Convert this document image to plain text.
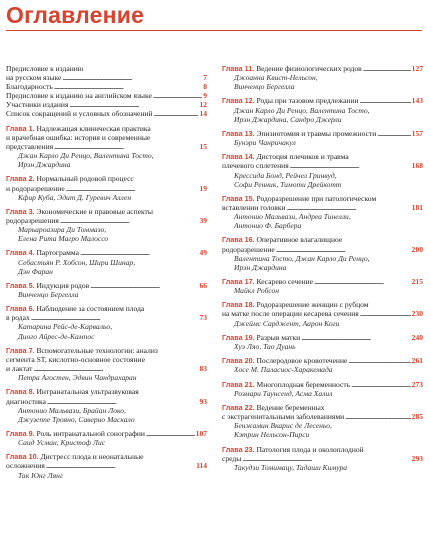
Оглавление
Предисловие к изданию
на русском языке . . .	7
Благодарность . . .	8
Предисловие к изданию на английском языке . . .	9
Участники издания . . .	12
Список сокращений и условных обозначений . . .	14
Глава 1. Надлежащая клиническая практика
и врачебная ошибка: история и современные
представления . . .	15
Джан Карло Ди Ренцо, Валентина Тосто,
Ирэн Джардина
Глава 2. Нормальный родовой процесс
и родоразрешение . . .	19
Кфир Куба, Эдит Д. Гуревич Аллен
Глава 3. Экономические и правовые аспекты
родоразрешения . . .	39
Марьароазира Ди Томмазо,
Елена Рита Магро Малоссо
Глава 4. Партограмма . . .	49
Себастьян Р. Хобсон, Шири Шинар,
Дэн Фаран
Глава 5. Индукция родов . . .	66
Винченцо Бергелла
Глава 6. Наблюдение за состоянием плода
в родах . . .	73
Катарина Рейс-де-Карвальо,
Диого Айрес-де-Кампос
Глава 7. Вспомогательные технологии: анализ
сегмента ST, кислотно-основное состояние
и лактат . . .	83
Петра Агостен, Эдвин Чандрахаран
Глава 8. Интранатальная ультразвуковая
диагностика . . .	93
Антонио Мальвази, Брайан Локо,
Джузеппе Трояно, Саверио Маскало
Глава 9. Роль интранатальной сонографии . . .	107
Саид Усман, Кристоф Лис
Глава 10. Дистресс плода и неонатальные
осложнения . . .	114
Так Юнг Лянг
Глава 11. Ведение физиологических родов . . .	127
Джоанна Квист-Нельсон,
Винченцо Бергелла
Глава 12. Роды при тазовом предлежании . . .	143
Джан Карло Ди Ренцо, Валентина Тосто,
Ирэн Джардина, Сандро Джерли
Глава 13. Эпизиотомия и травмы промежности . . .	157
Бунэри Чанричакул
Глава 14. Дистоция плечиков и травма
плечевого сплетения . . .	168
Крессида Бонд, Рейчел Гринвуд,
Софи Ренник, Тимоти Дрейкотт
Глава 15. Родоразрешение при патологическом
вставлении головки . . .	181
Антонио Мальвази, Андреа Тинелли,
Антонио Ф. Барбера
Глава 16. Оперативное влагалищное
родоразрешение . . .	200
Валентина Тосто, Джан Карло Ди Ренцо,
Ирэн Джардина
Глава 17. Кесарево сечение . . .	215
Майкл Робсон
Глава 18. Родоразрешение женщин с рубцом
на матке после операции кесарева сечения . . .	230
Джеймс Сарджент, Аарон Коги
Глава 19. Разрыв матки . . .	240
Хуэ Ляо, Тао Дуань
Глава 20. Послеродовое кровотечение . . .	261
Хосе М. Паласиос-Харакемада
Глава 21. Многоплодная беременность . . .	273
Розмари Таунсенд, Асма Халил
Глава 22. Ведение беременных
с экстрагенитальными заболеваниями . . .	285
Бенжамин Вкарис де Лесеньо,
Кэтрин Нельсон-Пирси
Глава 23. Патология плода и околоплодной
среды . . .	293
Такудзи Томимацу, Тадаши Кимура
